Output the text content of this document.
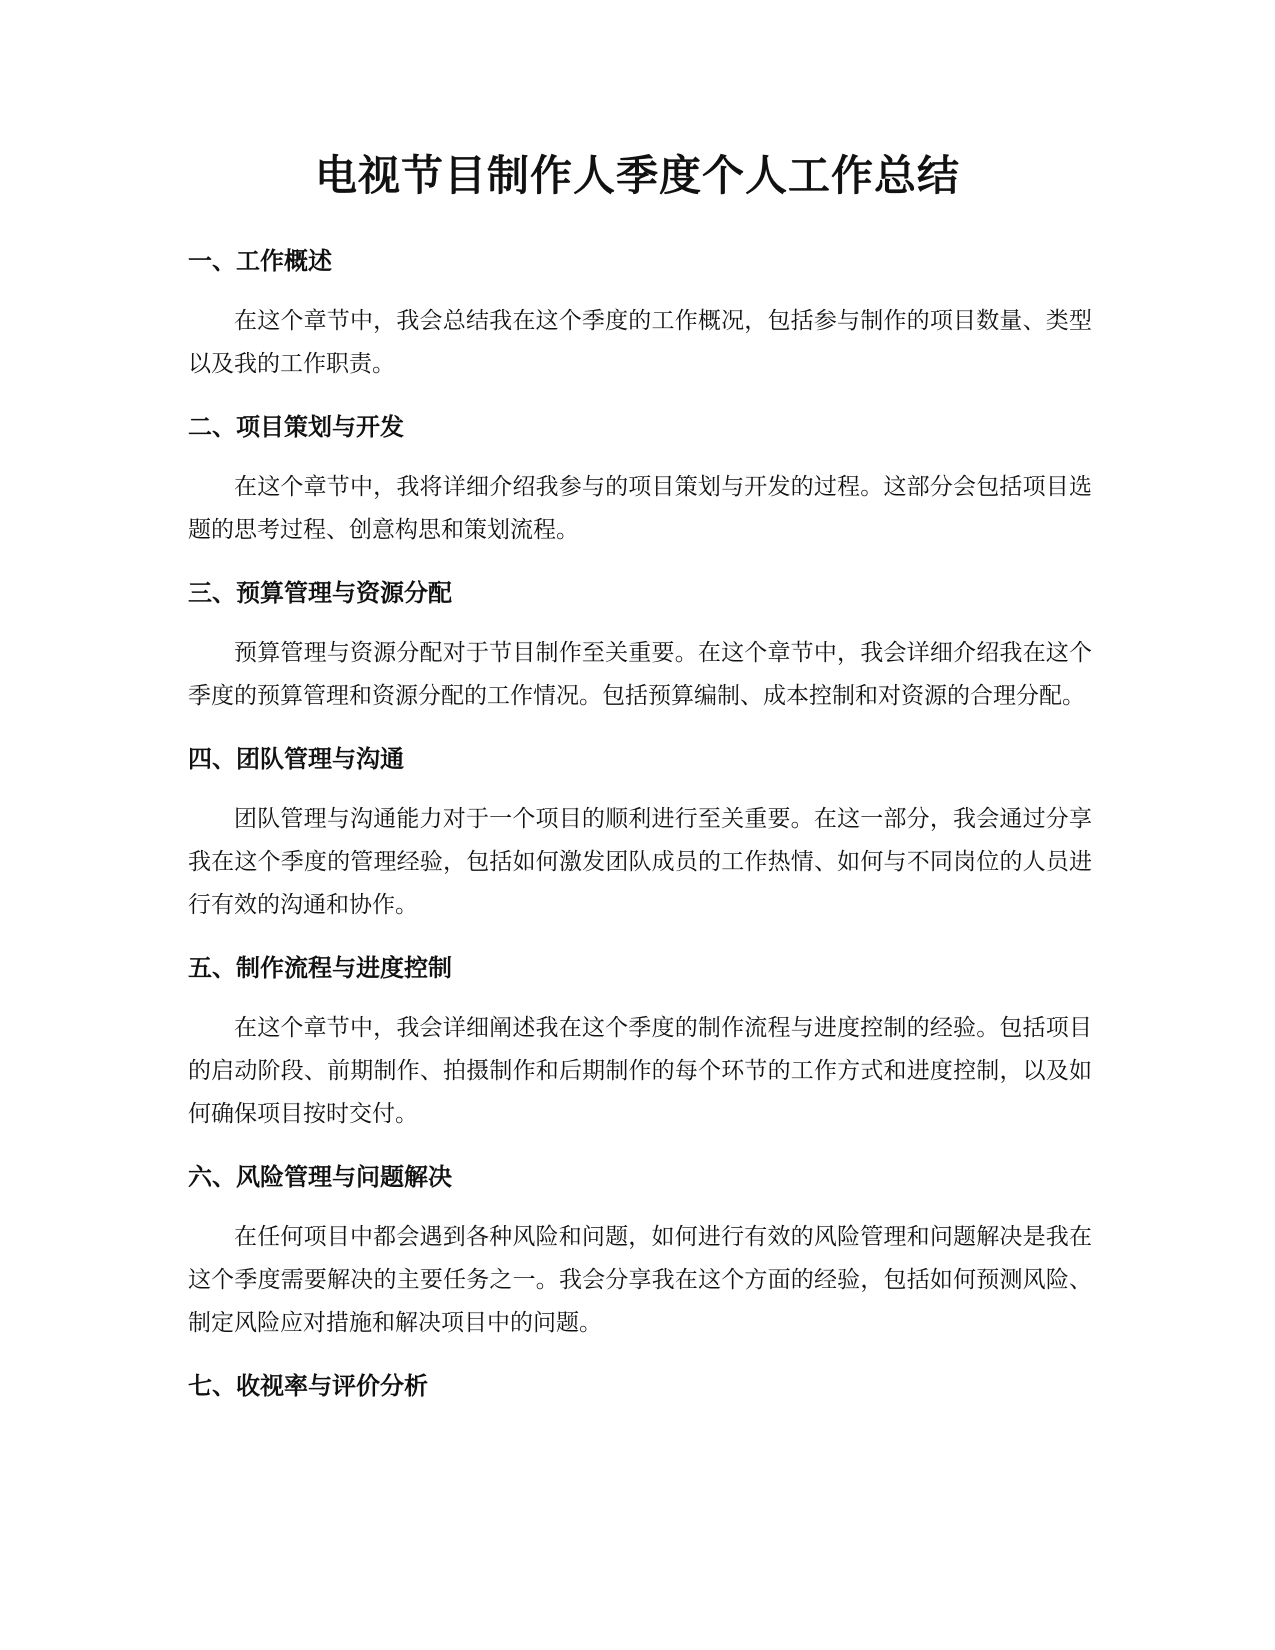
电视节目制作人季度个人工作总结
一、工作概述

在这个章节中，我会总结我在这个季度的工作概况，包括参与制作的项目数量、类型以及我的工作职责。

二、项目策划与开发

在这个章节中，我将详细介绍我参与的项目策划与开发的过程。这部分会包括项目选题的思考过程、创意构思和策划流程。

三、预算管理与资源分配

预算管理与资源分配对于节目制作至关重要。在这个章节中，我会详细介绍我在这个季度的预算管理和资源分配的工作情况。包括预算编制、成本控制和对资源的合理分配。

四、团队管理与沟通

团队管理与沟通能力对于一个项目的顺利进行至关重要。在这一部分，我会通过分享我在这个季度的管理经验，包括如何激发团队成员的工作热情、如何与不同岗位的人员进行有效的沟通和协作。

五、制作流程与进度控制

在这个章节中，我会详细阐述我在这个季度的制作流程与进度控制的经验。包括项目的启动阶段、前期制作、拍摄制作和后期制作的每个环节的工作方式和进度控制，以及如何确保项目按时交付。

六、风险管理与问题解决

在任何项目中都会遇到各种风险和问题，如何进行有效的风险管理和问题解决是我在这个季度需要解决的主要任务之一。我会分享我在这个方面的经验，包括如何预测风险、制定风险应对措施和解决项目中的问题。

七、收视率与评价分析
